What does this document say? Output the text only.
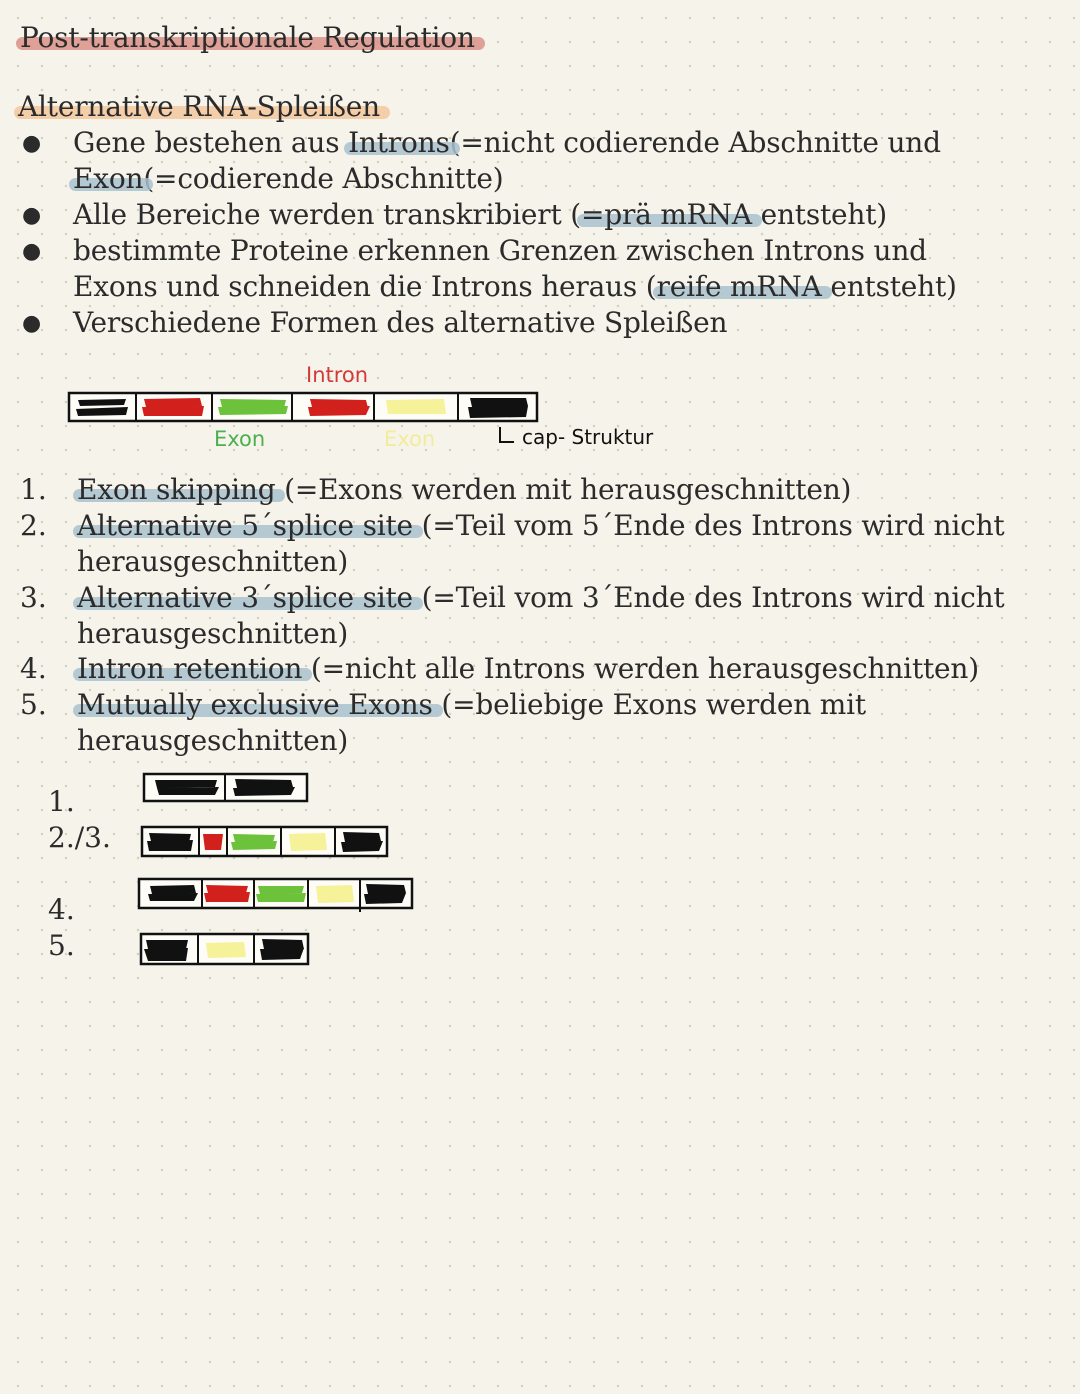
Post-transkriptionale Regulation
Alternative RNA-Spleißen
● Gene bestehen aus Introns(=nicht codierende Abschnitte und
Exon(=codierende Abschnitte)
● Alle Bereiche werden transkribiert (=prä mRNA entsteht)
● bestimmte Proteine erkennen Grenzen zwischen Introns und
Exons und schneiden die Introns heraus (reife mRNA entsteht)
● Verschiedene Formen des alternative Spleißen
Intron
Exon	Exon	cap- Struktur
1. Exon skipping (=Exons werden mit herausgeschnitten)
2. Alternative 5´splice site (=Teil vom 5´Ende des Introns wird nicht
herausgeschnitten)
3. Alternative 3´splice site (=Teil vom 3´Ende des Introns wird nicht
herausgeschnitten)
4. Intron retention (=nicht alle Introns werden herausgeschnitten)
5. Mutually exclusive Exons (=beliebige Exons werden mit
herausgeschnitten)
1.
2./3.
4.
5.
